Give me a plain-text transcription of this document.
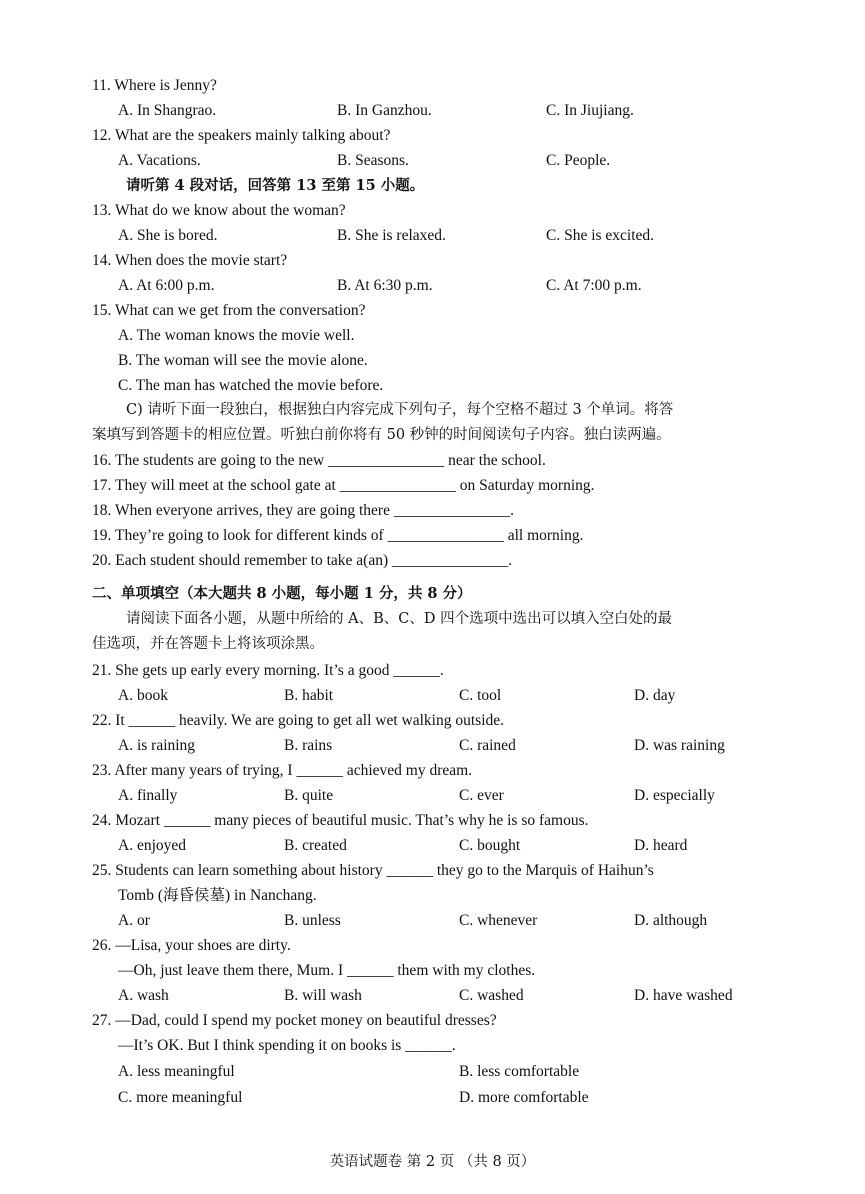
11. Where is Jenny?
A. In Shangrao.	B. In Ganzhou.	C. In Jiujiang.
12. What are the speakers mainly talking about?
A. Vacations.	B. Seasons.	C. People.
请听第 4 段对话，回答第 13 至第 15 小题。
13. What do we know about the woman?
A. She is bored.	B. She is relaxed.	C. She is excited.
14. When does the movie start?
A. At 6:00 p.m.	B. At 6:30 p.m.	C. At 7:00 p.m.
15. What can we get from the conversation?
A. The woman knows the movie well.
B. The woman will see the movie alone.
C. The man has watched the movie before.
C) 请听下面一段独白，根据独白内容完成下列句子，每个空格不超过 3 个单词。将答
案填写到答题卡的相应位置。听独白前你将有 50 秒钟的时间阅读句子内容。独白读两遍。
16. The students are going to the new _______________ near the school.
17. They will meet at the school gate at _______________ on Saturday morning.
18. When everyone arrives, they are going there _______________.
19. They’re going to look for different kinds of _______________ all morning.
20. Each student should remember to take a(an) _______________.
二、单项填空（本大题共 8 小题，每小题 1 分，共 8 分）
请阅读下面各小题，从题中所给的 A、B、C、D 四个选项中选出可以填入空白处的最
佳选项，并在答题卡上将该项涂黑。
21. She gets up early every morning. It’s a good ______.
A. book	B. habit	C. tool	D. day
22. It ______ heavily. We are going to get all wet walking outside.
A. is raining	B. rains	C. rained	D. was raining
23. After many years of trying, I ______ achieved my dream.
A. finally	B. quite	C. ever	D. especially
24. Mozart ______ many pieces of beautiful music. That’s why he is so famous.
A. enjoyed	B. created	C. bought	D. heard
25. Students can learn something about history ______ they go to the Marquis of Haihun’s
Tomb (海昏侯墓) in Nanchang.
A. or	B. unless	C. whenever	D. although
26. —Lisa, your shoes are dirty.
—Oh, just leave them there, Mum. I ______ them with my clothes.
A. wash	B. will wash	C. washed	D. have washed
27. —Dad, could I spend my pocket money on beautiful dresses?
—It’s OK. But I think spending it on books is ______.
A. less meaningful	B. less comfortable
C. more meaningful	D. more comfortable
英语试题卷 第 2 页 （共 8 页）
